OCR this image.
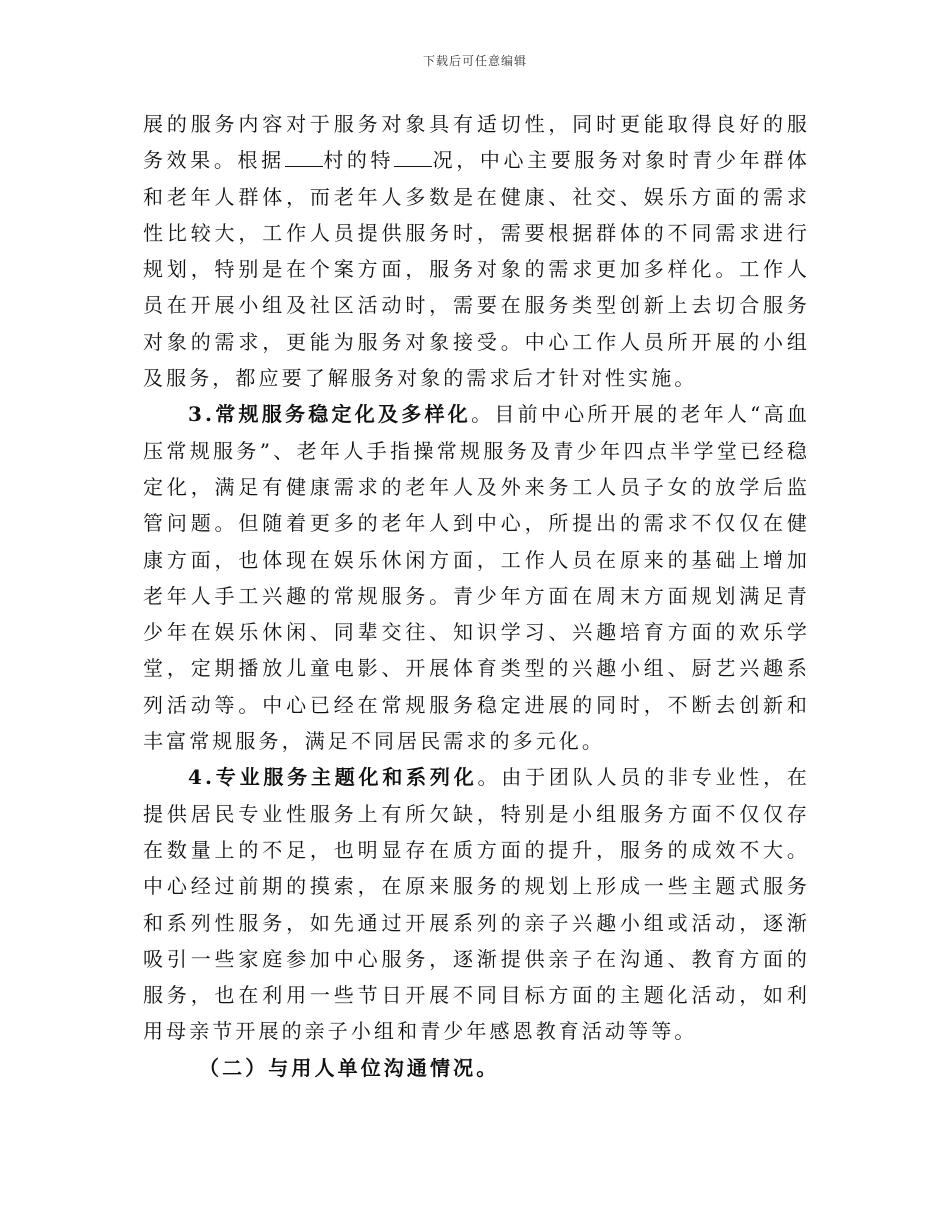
下载后可任意编辑

展的服务内容对于服务对象具有适切性，同时更能取得良好的服务效果。根据 村的特 况，中心主要服务对象时青少年群体和老年人群体，而老年人多数是在健康、社交、娱乐方面的需求性比较大，工作人员提供服务时，需要根据群体的不同需求进行规划，特别是在个案方面，服务对象的需求更加多样化。工作人员在开展小组及社区活动时，需要在服务类型创新上去切合服务对象的需求，更能为服务对象接受。中心工作人员所开展的小组及服务，都应要了解服务对象的需求后才针对性实施。

3.常规服务稳定化及多样化。目前中心所开展的老年人“高血压常规服务”、老年人手指操常规服务及青少年四点半学堂已经稳定化，满足有健康需求的老年人及外来务工人员子女的放学后监管问题。但随着更多的老年人到中心，所提出的需求不仅仅在健康方面，也体现在娱乐休闲方面，工作人员在原来的基础上增加老年人手工兴趣的常规服务。青少年方面在周末方面规划满足青少年在娱乐休闲、同辈交往、知识学习、兴趣培育方面的欢乐学堂，定期播放儿童电影、开展体育类型的兴趣小组、厨艺兴趣系列活动等。中心已经在常规服务稳定进展的同时，不断去创新和丰富常规服务，满足不同居民需求的多元化。

4.专业服务主题化和系列化。由于团队人员的非专业性，在提供居民专业性服务上有所欠缺，特别是小组服务方面不仅仅存在数量上的不足，也明显存在质方面的提升，服务的成效不大。中心经过前期的摸索，在原来服务的规划上形成一些主题式服务和系列性服务，如先通过开展系列的亲子兴趣小组或活动，逐渐吸引一些家庭参加中心服务，逐渐提供亲子在沟通、教育方面的服务，也在利用一些节日开展不同目标方面的主题化活动，如利用母亲节开展的亲子小组和青少年感恩教育活动等等。

（二）与用人单位沟通情况。
